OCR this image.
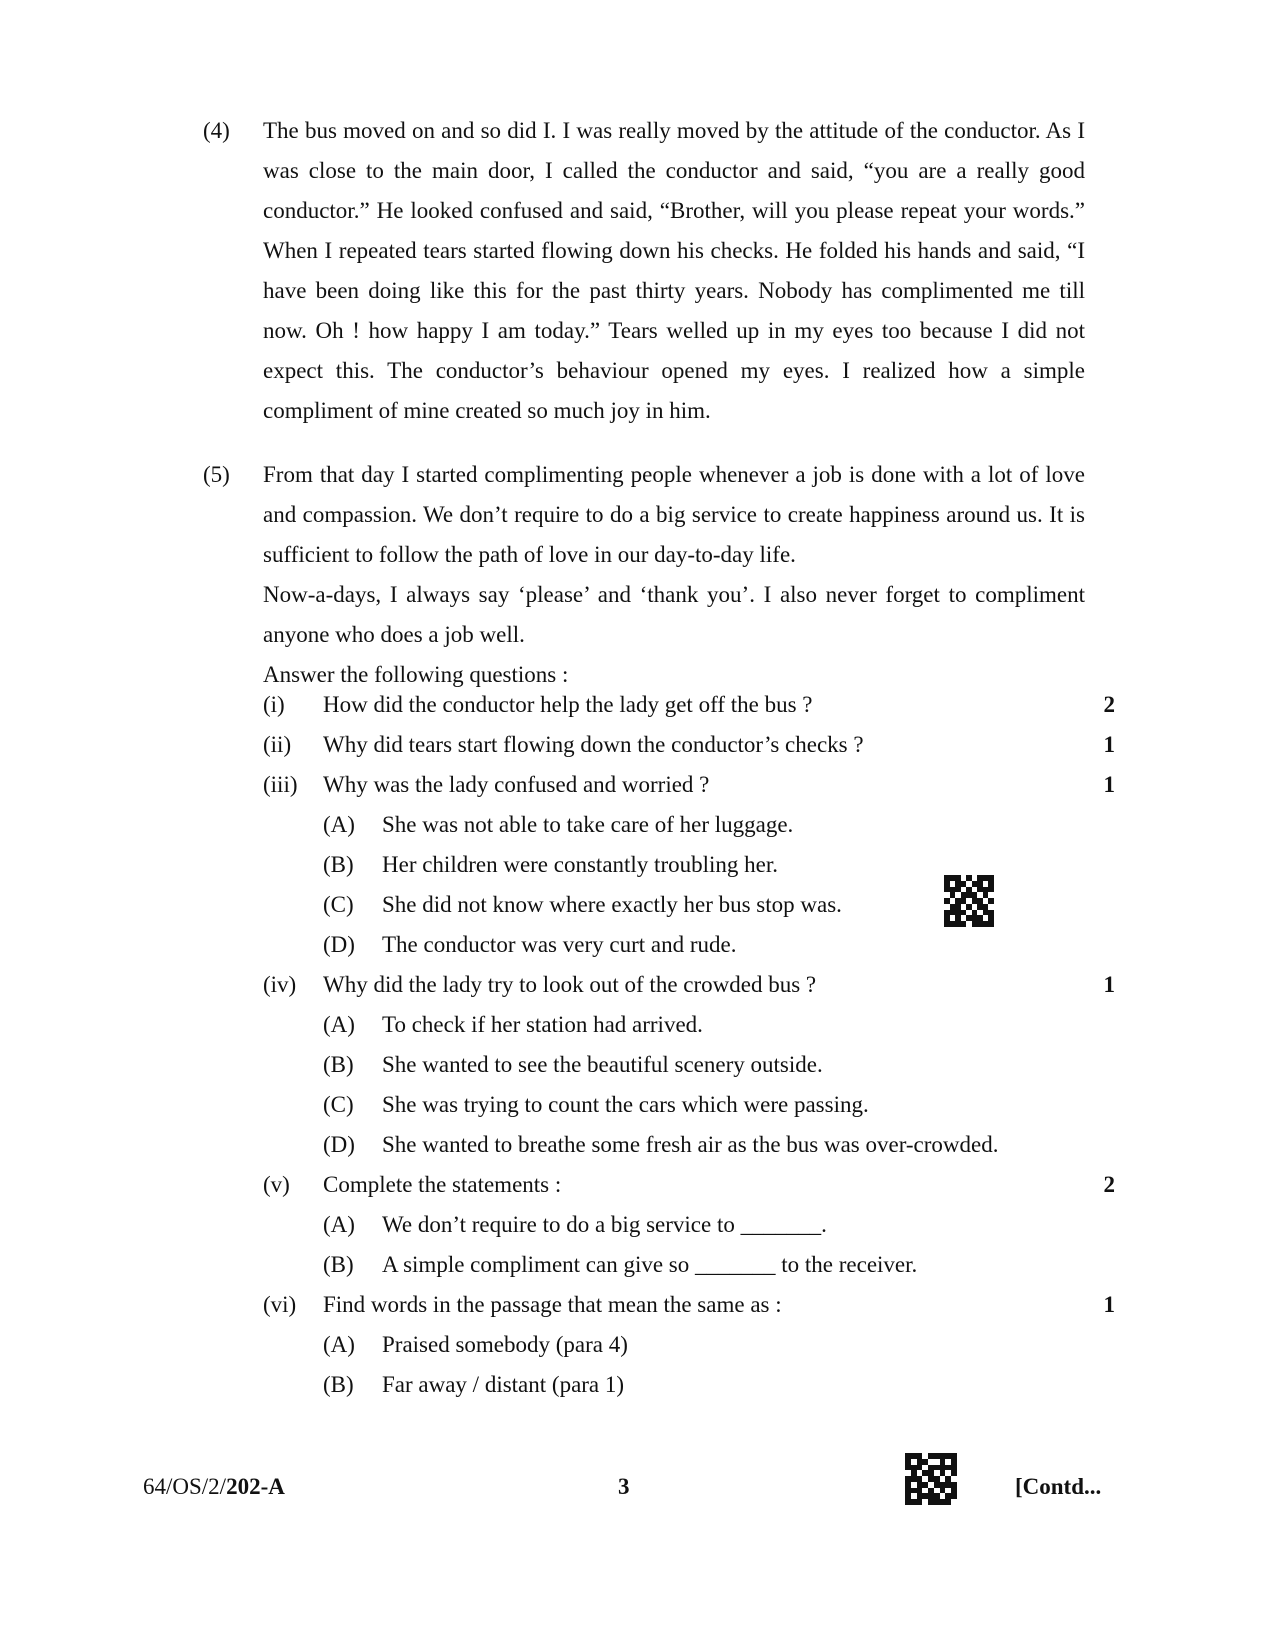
(4) The bus moved on and so did I. I was really moved by the attitude of the conductor. As I was close to the main door, I called the conductor and said, “you are a really good conductor.” He looked confused and said, “Brother, will you please repeat your words.” When I repeated tears started flowing down his checks. He folded his hands and said, “I have been doing like this for the past thirty years. Nobody has complimented me till now. Oh ! how happy I am today.” Tears welled up in my eyes too because I did not expect this. The conductor’s behaviour opened my eyes. I realized how a simple compliment of mine created so much joy in him.

(5) From that day I started complimenting people whenever a job is done with a lot of love and compassion. We don’t require to do a big service to create happiness around us. It is sufficient to follow the path of love in our day-to-day life.

Now-a-days, I always say ‘please’ and ‘thank you’. I also never forget to compliment anyone who does a job well.

Answer the following questions :

(i) How did the conductor help the lady get off the bus ?	2
(ii) Why did tears start flowing down the conductor’s checks ?	1
(iii) Why was the lady confused and worried ?	1
(A) She was not able to take care of her luggage.
(B) Her children were constantly troubling her.
(C) She did not know where exactly her bus stop was.
(D) The conductor was very curt and rude.
(iv) Why did the lady try to look out of the crowded bus ?	1
(A) To check if her station had arrived.
(B) She wanted to see the beautiful scenery outside.
(C) She was trying to count the cars which were passing.
(D) She wanted to breathe some fresh air as the bus was over-crowded.
(v) Complete the statements :	2
(A) We don’t require to do a big service to _______.
(B) A simple compliment can give so _______ to the receiver.
(vi) Find words in the passage that mean the same as :	1
(A) Praised somebody (para 4)
(B) Far away / distant (para 1)
64/OS/2/202-A	3	[Contd...
